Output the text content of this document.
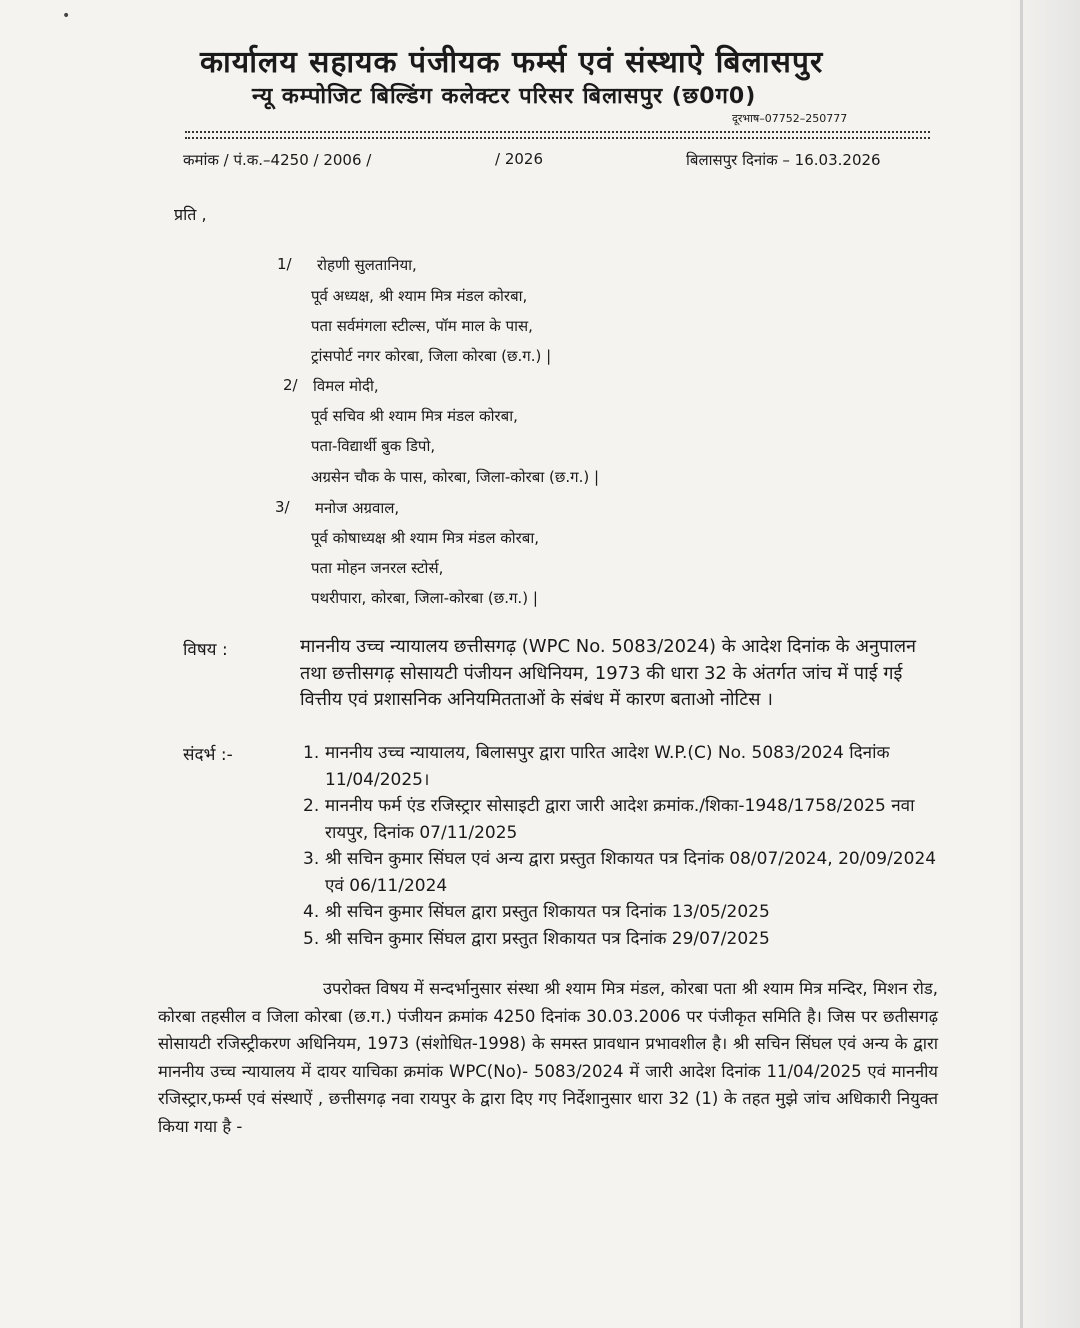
•
कार्यालय सहायक पंजीयक फर्म्स एवं संस्थाऐ बिलासपुर
न्यू कम्पोजिट बिल्डिंग कलेक्टर परिसर बिलासपुर (छ0ग0)
दूरभाष–07752–250777
कमांक / पं.क.–4250 / 2006 /	/ 2026	बिलासपुर दिनांक – 16.03.2026
प्रति ,
1/ रोहणी सुलतानिया,
पूर्व अध्यक्ष, श्री श्याम मित्र मंडल कोरबा,
पता सर्वमंगला स्टील्स, पॉम माल के पास,
ट्रांसपोर्ट नगर कोरबा, जिला कोरबा (छ.ग.) |
2/ विमल मोदी,
पूर्व सचिव श्री श्याम मित्र मंडल कोरबा,
पता-विद्यार्थी बुक डिपो,
अग्रसेन चौक के पास, कोरबा, जिला-कोरबा (छ.ग.) |
3/ मनोज अग्रवाल,
पूर्व कोषाध्यक्ष श्री श्याम मित्र मंडल कोरबा,
पता मोहन जनरल स्टोर्स,
पथरीपारा, कोरबा, जिला-कोरबा (छ.ग.) |
विषय :	माननीय उच्च न्यायालय छत्तीसगढ़ (WPC No. 5083/2024) के आदेश दिनांक के अनुपालन तथा छत्तीसगढ़ सोसायटी पंजीयन अधिनियम, 1973 की धारा 32 के अंतर्गत जांच में पाई गई वित्तीय एवं प्रशासनिक अनियमितताओं के संबंध में कारण बताओ नोटिस ।
संदर्भ :-	1. माननीय उच्च न्यायालय, बिलासपुर द्वारा पारित आदेश W.P.(C) No. 5083/2024 दिनांक 11/04/2025।
2. माननीय फर्म एंड रजिस्ट्रार सोसाइटी द्वारा जारी आदेश क्रमांक./शिका-1948/1758/2025 नवा रायपुर, दिनांक 07/11/2025
3. श्री सचिन कुमार सिंघल एवं अन्य द्वारा प्रस्तुत शिकायत पत्र दिनांक 08/07/2024, 20/09/2024 एवं 06/11/2024
4. श्री सचिन कुमार सिंघल द्वारा प्रस्तुत शिकायत पत्र दिनांक 13/05/2025
5. श्री सचिन कुमार सिंघल द्वारा प्रस्तुत शिकायत पत्र दिनांक 29/07/2025
उपरोक्त विषय में सन्दर्भानुसार संस्था श्री श्याम मित्र मंडल, कोरबा पता श्री श्याम मित्र मन्दिर, मिशन रोड, कोरबा तहसील व जिला कोरबा (छ.ग.) पंजीयन क्रमांक 4250 दिनांक 30.03.2006 पर पंजीकृत समिति है। जिस पर छतीसगढ़ सोसायटी रजिस्ट्रीकरण अधिनियम, 1973 (संशोधित-1998) के समस्त प्रावधान प्रभावशील है। श्री सचिन सिंघल एवं अन्य के द्वारा माननीय उच्च न्यायालय में दायर याचिका क्रमांक WPC(No)- 5083/2024 में जारी आदेश दिनांक 11/04/2025 एवं माननीय रजिस्ट्रार,फर्म्स एवं संस्थाऐं , छत्तीसगढ़ नवा रायपुर के द्वारा दिए गए निर्देशानुसार धारा 32 (1) के तहत मुझे जांच अधिकारी नियुक्त किया गया है -
